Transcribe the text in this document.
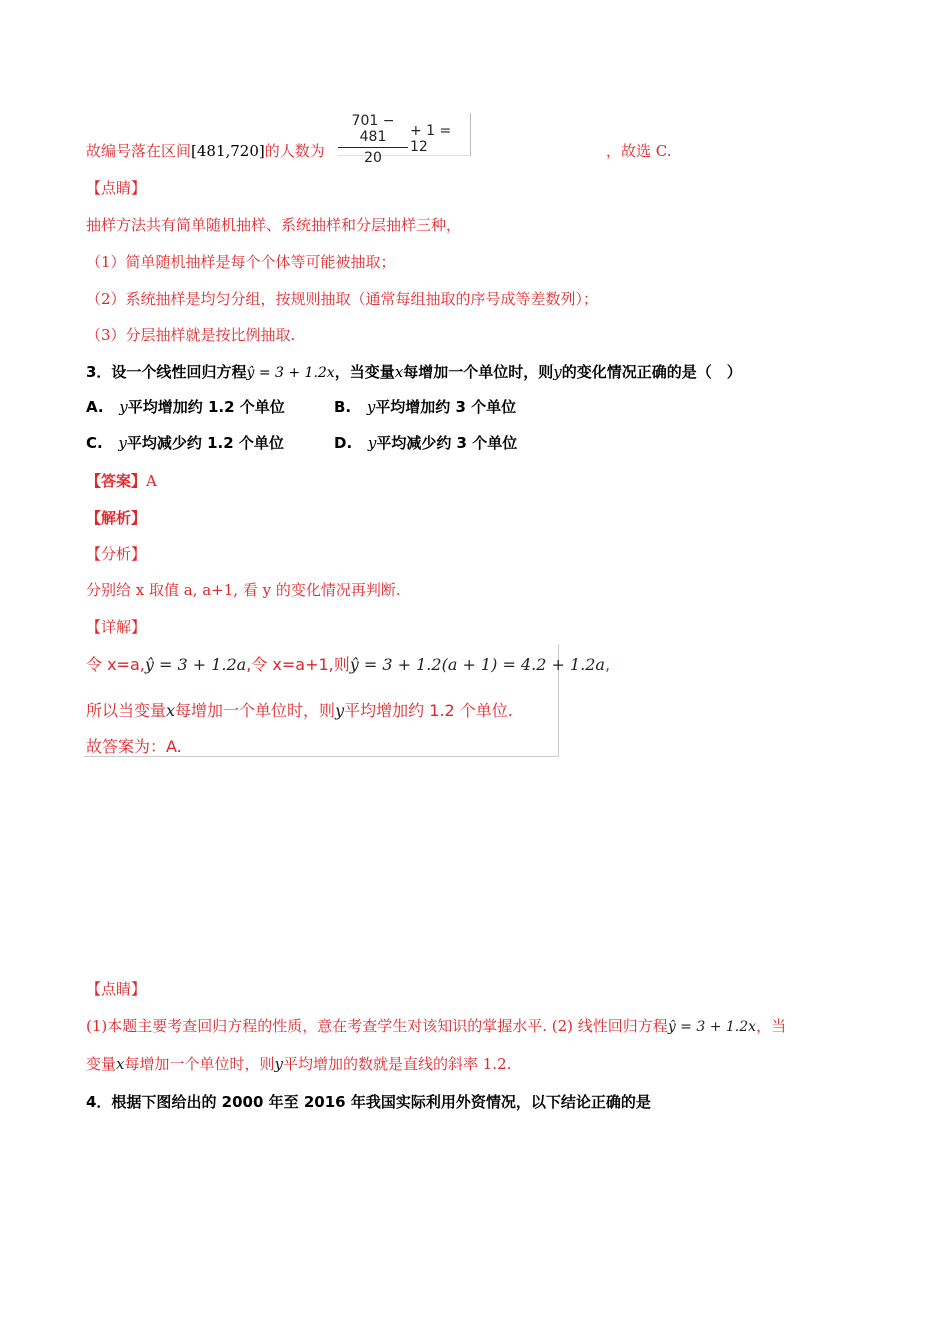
故编号落在区间[481,720]的人数为 $\frac{701 - 481}{20} + 1 = 12$	，故选 C.
【点睛】
抽样方法共有简单随机抽样、系统抽样和分层抽样三种，
（1）简单随机抽样是每个个体等可能被抽取；
（2）系统抽样是均匀分组，按规则抽取（通常每组抽取的序号成等差数列）；
（3）分层抽样就是按比例抽取.
3．设一个线性回归方程ŷ = 3 + 1.2x，当变量x每增加一个单位时，则y的变化情况正确的是（　）
A. y平均增加约 1.2 个单位	B. y平均增加约 3 个单位
C. y平均减少约 1.2 个单位	D. y平均减少约 3 个单位
【答案】A
【解析】
【分析】
分别给 x 取值 a, a+1, 看 y 的变化情况再判断.
【详解】
令 x=a,ŷ = 3 + 1.2a,令 x=a+1,则ŷ = 3 + 1.2(a + 1) = 4.2 + 1.2a,
所以当变量x每增加一个单位时，则y平均增加约 1.2 个单位.
故答案为：A.
【点睛】
(1)本题主要考查回归方程的性质，意在考查学生对该知识的掌握水平. (2) 线性回归方程ŷ = 3 + 1.2x，当
变量x每增加一个单位时，则y平均增加的数就是直线的斜率 1.2.
4．根据下图给出的 2000 年至 2016 年我国实际利用外资情况，以下结论正确的是
